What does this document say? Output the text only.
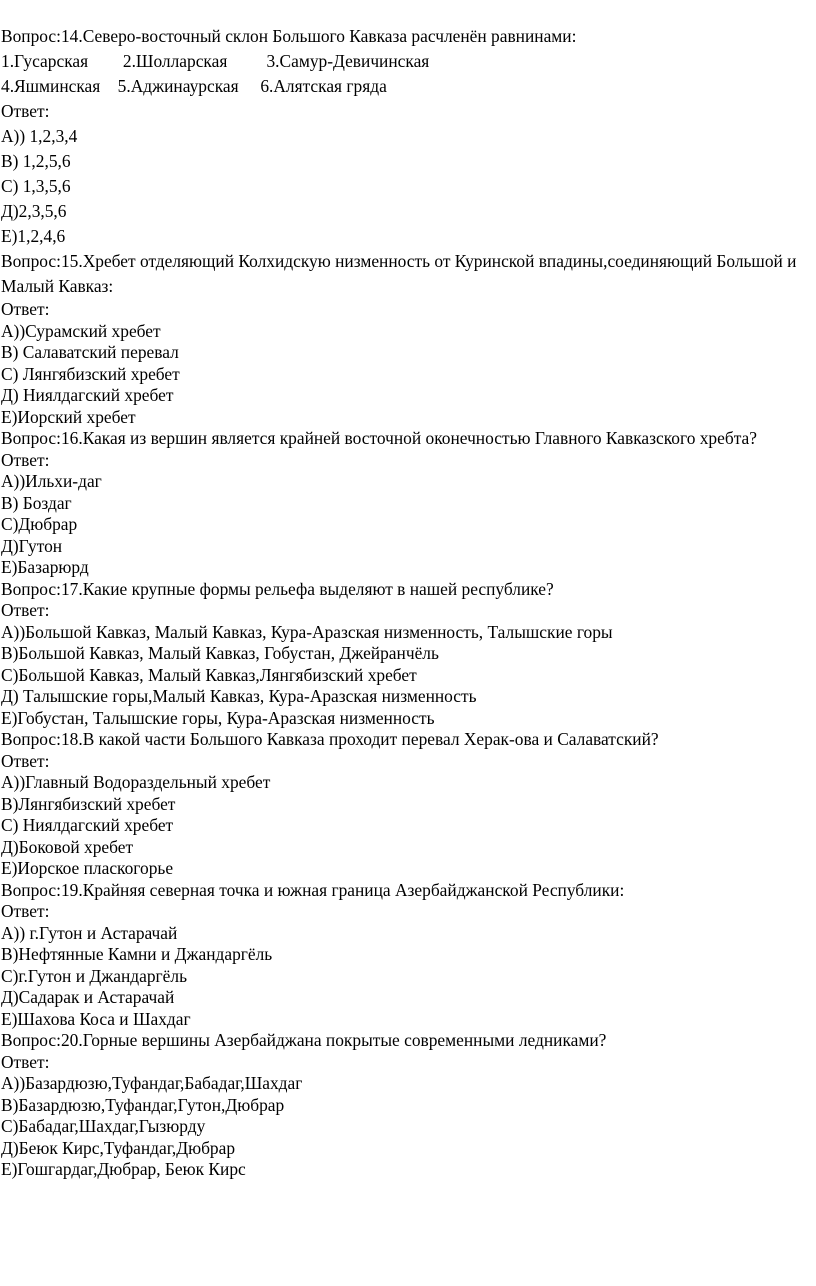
Вопрос:14.Северо-восточный склон Большого Кавказа расчленён равнинами:
1.Гусарская        2.Шолларская         3.Самур-Девичинская
4.Яшминская    5.Аджинаурская     6.Алятская гряда
Ответ:
A)) 1,2,3,4
B) 1,2,5,6
C) 1,3,5,6
Д)2,3,5,6
E)1,2,4,6
Вопрос:15.Хребет отделяющий Колхидскую низменность от Куринской впадины,соединяющий Большой и Малый Кавказ:
Ответ:
A))Сурамский хребет
B) Салаватский перевал
C) Лянгябизский хребет
Д) Ниялдагский хребет
E)Иорский хребет
Вопрос:16.Какая из вершин является крайней восточной оконечностью Главного Кавказского хребта?
Ответ:
A))Ильхи-даг
B) Боздаг
C)Дюбрар
Д)Гутон
E)Базарюрд
Вопрос:17.Какие крупные формы рельефа выделяют в нашей республике?
Ответ:
A))Большой Кавказ, Малый Кавказ, Кура-Аразская низменность, Талышские горы
B)Большой Кавказ, Малый Кавказ, Гобустан, Джейранчёль
C)Большой Кавказ, Малый Кавказ,Лянгябизский хребет
Д) Талышские горы,Малый Кавказ, Кура-Аразская низменность
E)Гобустан, Талышские горы, Кура-Аразская низменность
Вопрос:18.В какой части Большого Кавказа проходит перевал Херак-ова и Салаватский?
Ответ:
A))Главный Водораздельный хребет
B)Лянгябизский хребет
C) Ниялдагский хребет
Д)Боковой хребет
E)Иорское пласкогорье
Вопрос:19.Крайняя северная точка и южная граница Азербайджанской Республики:
Ответ:
A)) г.Гутон и Астарачай
B)Нефтянные Камни и Джандаргёль
C)г.Гутон и Джандаргёль
Д)Садарак и Астарачай
E)Шахова Коса и Шахдаг
Вопрос:20.Горные вершины Азербайджана покрытые современными ледниками?
Ответ:
A))Базардюзю,Туфандаг,Бабадаг,Шахдаг
B)Базардюзю,Туфандаг,Гутон,Дюбрар
C)Бабадаг,Шахдаг,Гызюрду
Д)Беюк Кирс,Туфандаг,Дюбрар
E)Гошгардаг,Дюбрар, Беюк Кирс
